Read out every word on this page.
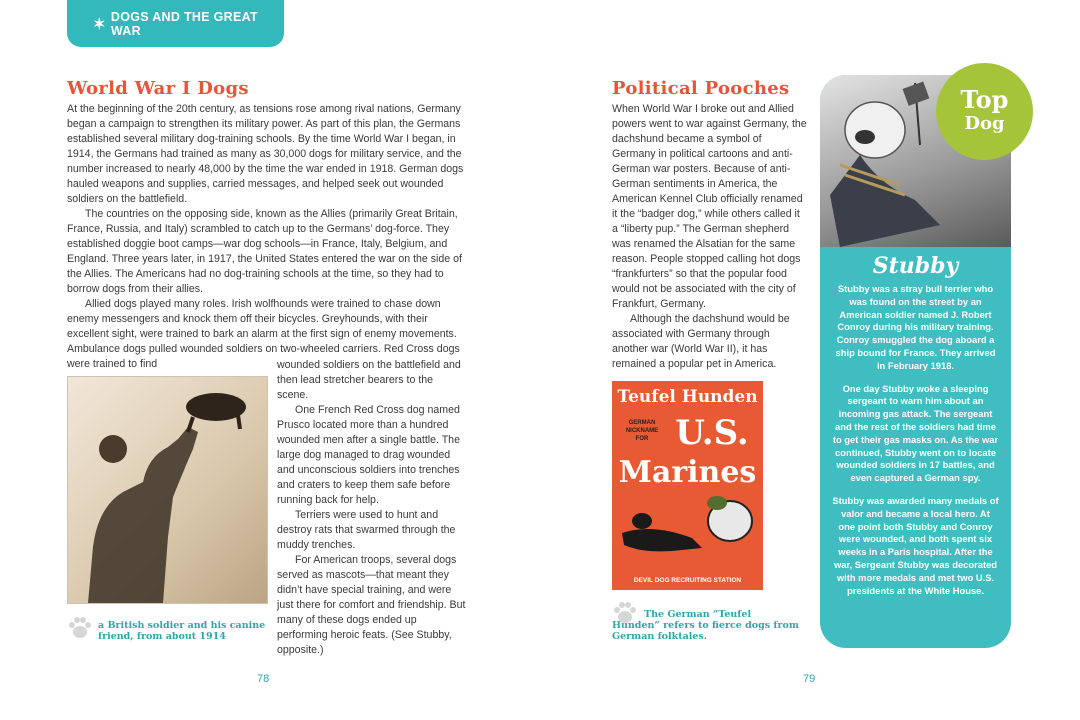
✶ DOGS AND THE GREAT WAR
World War I Dogs

At the beginning of the 20th century, as tensions rose among rival nations, Germany began a campaign to strengthen its military power. As part of this plan, the Germans established several military dog-training schools. By the time World War I began, in 1914, the Germans had trained as many as 30,000 dogs for military service, and the number increased to nearly 48,000 by the time the war ended in 1918. German dogs hauled weapons and supplies, carried messages, and helped seek out wounded soldiers on the battlefield.

The countries on the opposing side, known as the Allies (primarily Great Britain, France, Russia, and Italy) scrambled to catch up to the Germans’ dog-force. They established doggie boot camps—war dog schools—in France, Italy, Belgium, and England. Three years later, in 1917, the United States entered the war on the side of the Allies. The Americans had no dog-training schools at the time, so they had to borrow dogs from their allies.

Allied dogs played many roles. Irish wolfhounds were trained to chase down enemy messengers and knock them off their bicycles. Greyhounds, with their excellent sight, were trained to bark an alarm at the first sign of enemy movements. Ambulance dogs pulled wounded soldiers on two-wheeled carriers. Red Cross dogs were trained to find

a British soldier and his canine friend, from about 1914

wounded soldiers on the battlefield and then lead stretcher bearers to the scene.

One French Red Cross dog named Prusco located more than a hundred wounded men after a single battle. The large dog managed to drag wounded and unconscious soldiers into trenches and craters to keep them safe before running back for help.

Terriers were used to hunt and destroy rats that swarmed through the muddy trenches.

For American troops, several dogs served as mascots—that meant they didn’t have special training, and were just there for comfort and friendship. But many of these dogs ended up performing heroic feats. (See Stubby, opposite.)

78
Political Pooches

When World War I broke out and Allied powers went to war against Germany, the dachshund became a symbol of Germany in political cartoons and anti-German war posters. Because of anti-German sentiments in America, the American Kennel Club officially renamed it the “badger dog,” while others called it a “liberty pup.” The German shepherd was renamed the Alsatian for the same reason. People stopped calling hot dogs “frankfurters” so that the popular food would not be associated with the city of Frankfurt, Germany.

Although the dachshund would be associated with Germany through another war (World War II), it has remained a popular pet in America.

Teufel Hunden
GERMAN NICKNAME FOR U.S.
Marines
DEVIL DOG RECRUITING STATION
The German “Teufel Hunden” refers to fierce dogs from German folktales.
79
Stubby

Stubby was a stray bull terrier who was found on the street by an American soldier named J. Robert Conroy during his military training. Conroy smuggled the dog aboard a ship bound for France. They arrived in February 1918.

One day Stubby woke a sleeping sergeant to warn him about an incoming gas attack. The sergeant and the rest of the soldiers had time to get their gas masks on. As the war continued, Stubby went on to locate wounded soldiers in 17 battles, and even captured a German spy.

Stubby was awarded many medals of valor and became a local hero. At one point both Stubby and Conroy were wounded, and both spent six weeks in a Paris hospital. After the war, Sergeant Stubby was decorated with more medals and met two U.S. presidents at the White House.

Top
Dog
